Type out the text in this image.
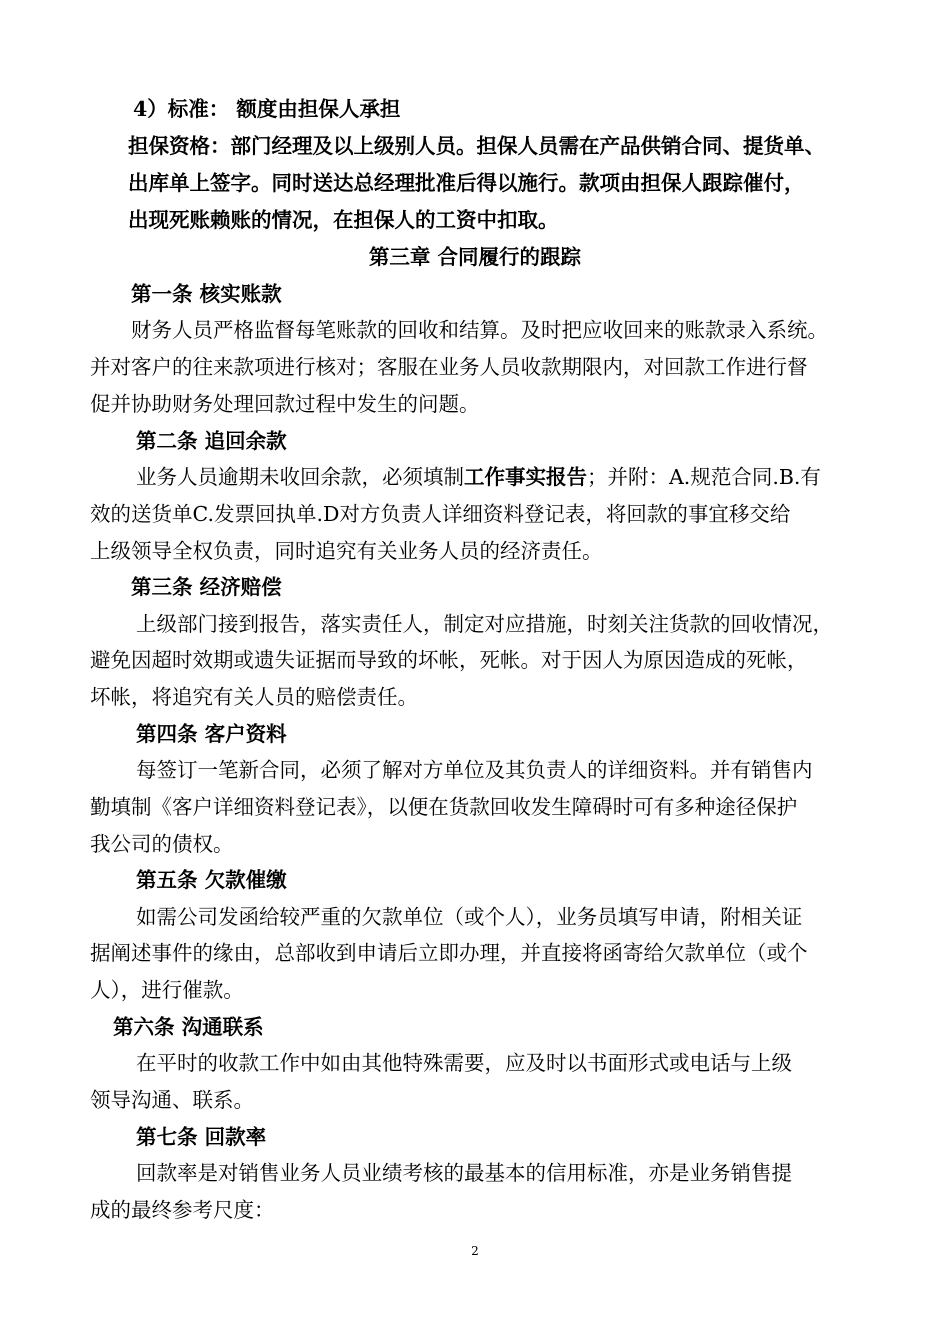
4）标准： 额度由担保人承担
担保资格：部门经理及以上级别人员。担保人员需在产品供销合同、提货单、
出库单上签字。同时送达总经理批准后得以施行。款项由担保人跟踪催付，
出现死账赖账的情况，在担保人的工资中扣取。
第三章 合同履行的跟踪
第一条 核实账款
财务人员严格监督每笔账款的回收和结算。及时把应收回来的账款录入系统。
并对客户的往来款项进行核对；客服在业务人员收款期限内，对回款工作进行督
促并协助财务处理回款过程中发生的问题。
第二条 追回余款
业务人员逾期未收回余款，必须填制工作事实报告；并附：A.规范合同.B.有
效的送货单C.发票回执单.D对方负责人详细资料登记表，将回款的事宜移交给
上级领导全权负责，同时追究有关业务人员的经济责任。
第三条 经济赔偿
上级部门接到报告，落实责任人，制定对应措施，时刻关注货款的回收情况，
避免因超时效期或遗失证据而导致的坏帐，死帐。对于因人为原因造成的死帐，
坏帐，将追究有关人员的赔偿责任。
第四条 客户资料
每签订一笔新合同，必须了解对方单位及其负责人的详细资料。并有销售内
勤填制《客户详细资料登记表》，以便在货款回收发生障碍时可有多种途径保护
我公司的债权。
第五条 欠款催缴
如需公司发函给较严重的欠款单位（或个人），业务员填写申请，附相关证
据阐述事件的缘由，总部收到申请后立即办理，并直接将函寄给欠款单位（或个
人），进行催款。
第六条 沟通联系
在平时的收款工作中如由其他特殊需要，应及时以书面形式或电话与上级
领导沟通、联系。
第七条 回款率
回款率是对销售业务人员业绩考核的最基本的信用标准，亦是业务销售提
成的最终参考尺度：
2
